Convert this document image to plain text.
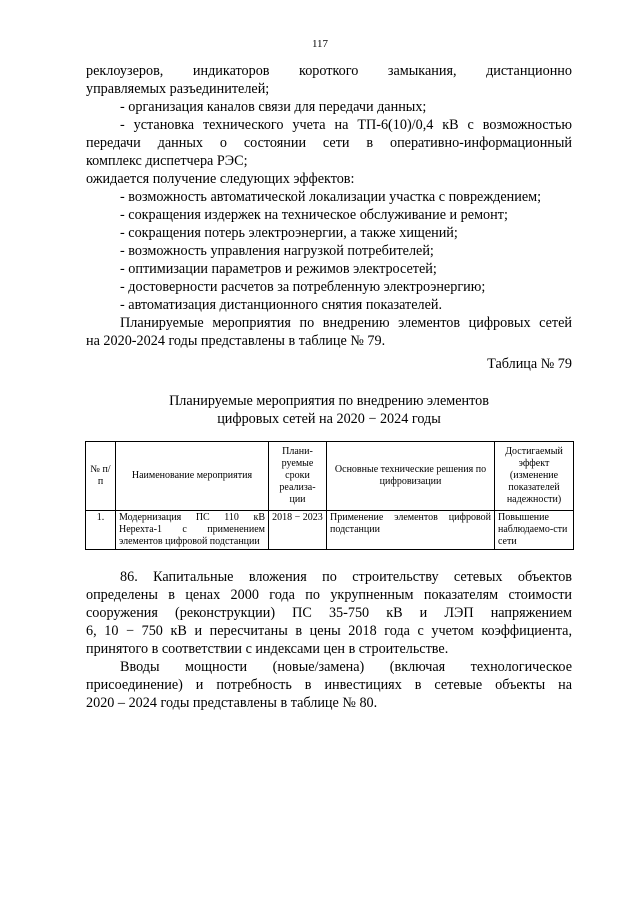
117

реклоузеров, индикаторов короткого замыкания, дистанционно

управляемых разъединителей;

- организация каналов связи для передачи данных;

- установка технического учета на ТП-6(10)/0,4 кВ с возможностью

передачи данных о состоянии сети в оперативно-информационный

комплекс диспетчера РЭС;

ожидается получение следующих эффектов:

- возможность автоматической локализации участка с повреждением;

- сокращения издержек на техническое обслуживание и ремонт;

- сокращения потерь электроэнергии, а также хищений;

- возможность управления нагрузкой потребителей;

- оптимизации параметров и режимов электросетей;

- достоверности расчетов за потребленную электроэнергию;

- автоматизация дистанционного снятия показателей.

Планируемые мероприятия по внедрению элементов цифровых сетей

на 2020-2024 годы представлены в таблице № 79.

Таблица № 79
Планируемые мероприятия по внедрению элементов
цифровых сетей на 2020 − 2024 годы
№ п/п	Наименование мероприятия	Плани-руемые сроки реализа-ции	Основные технические решения по цифровизации	Достигаемый эффект (изменение показателей надежности)
1.	Модернизация ПС 110 кВ Нерехта-1 с применением элементов цифровой подстанции	2018 − 2023	Применение элементов цифровой подстанции	Повышение наблюдаемо-сти сети

86. Капитальные вложения по строительству сетевых объектов

определены в ценах 2000 года по укрупненным показателям стоимости

сооружения (реконструкции) ПС 35-750 кВ и ЛЭП напряжением

6, 10 − 750 кВ и пересчитаны в цены 2018 года с учетом коэффициента,

принятого в соответствии с индексами цен в строительстве.

Вводы мощности (новые/замена) (включая технологическое

присоединение) и потребность в инвестициях в сетевые объекты на

2020 – 2024 годы представлены в таблице № 80.
